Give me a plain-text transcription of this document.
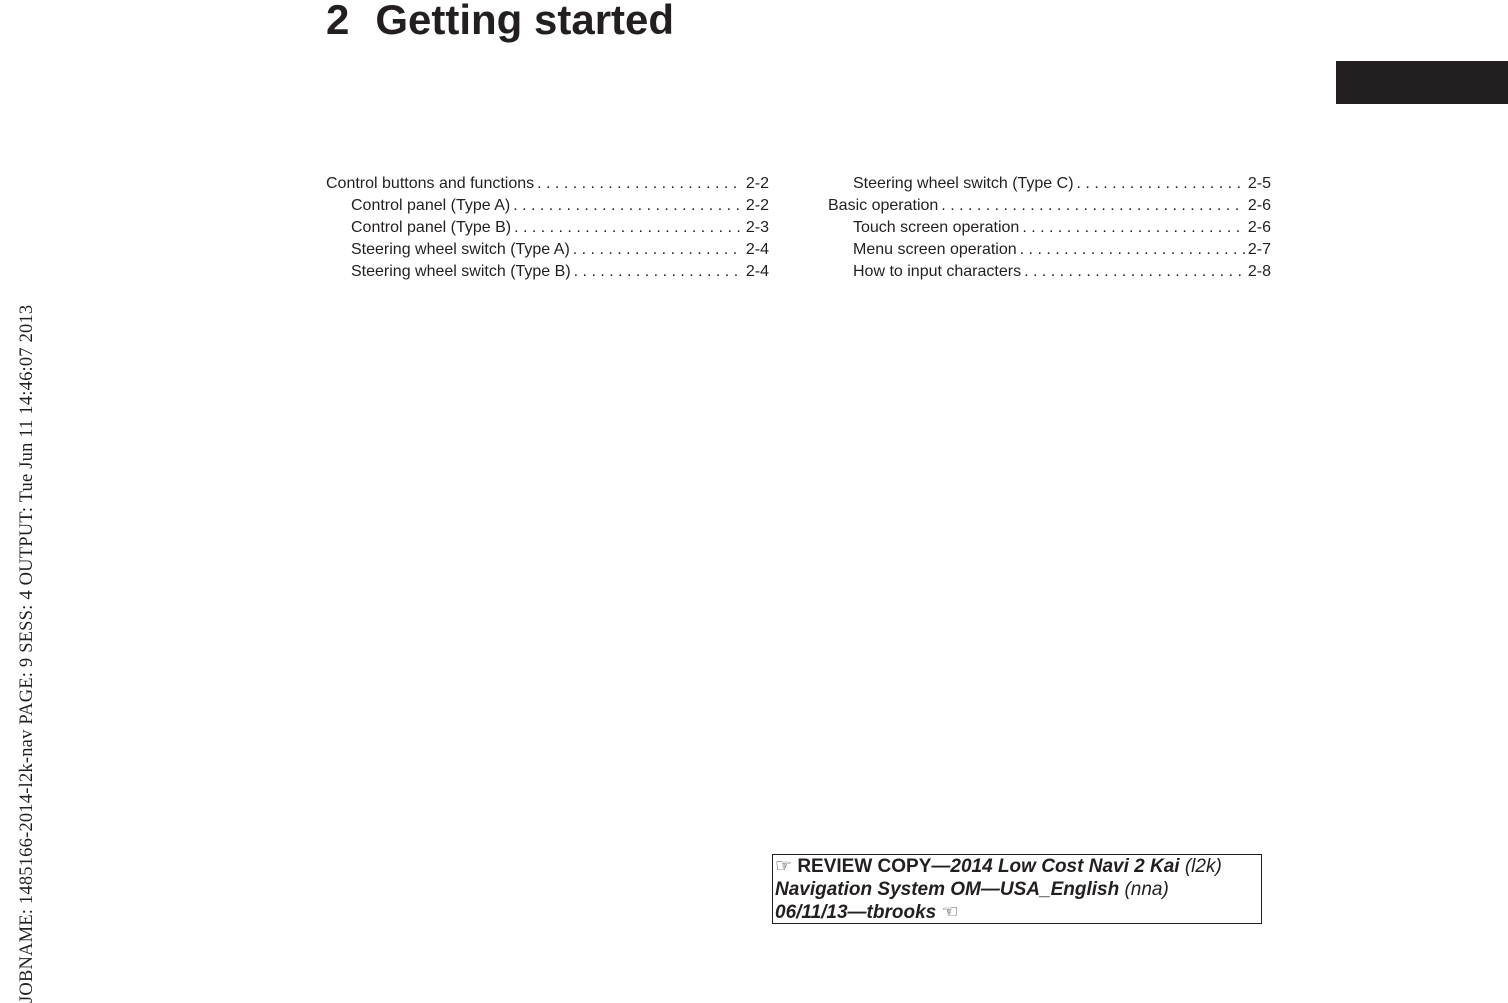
JOBNAME: 1485166-2014-l2k-nav PAGE: 9 SESS: 4 OUTPUT: Tue Jun 11 14:46:07 2013
2 Getting started
Control buttons and functions . . .	2-2
Control panel (Type A) . . .	2-2
Control panel (Type B) . . .	2-3
Steering wheel switch (Type A) . . .	2-4
Steering wheel switch (Type B) . . .	2-4
Steering wheel switch (Type C) . . .	2-5
Basic operation . . .	2-6
Touch screen operation . . .	2-6
Menu screen operation . . .	2-7
How to input characters . . .	2-8
☞ REVIEW COPY—2014 Low Cost Navi 2 Kai (l2k)
Navigation System OM—USA_English (nna)
06/11/13—tbrooks ☜
